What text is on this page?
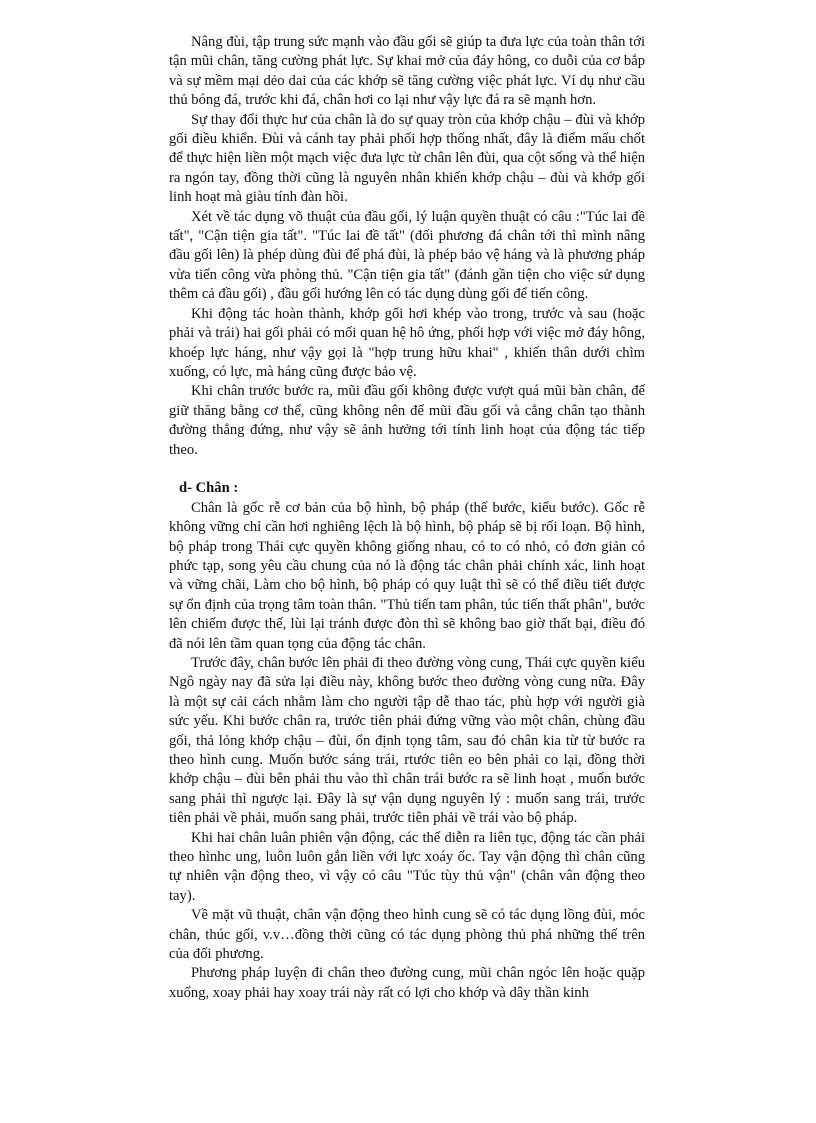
Nâng đùi, tập trung sức mạnh vào đầu gối sẽ giúp ta đưa lực của toàn thân tới tận mũi chân, tăng cường phát lực. Sự khai mở của đáy hông, co duỗi của cơ bắp và sự mềm mại dẻo dai của các khớp sẽ tăng cường việc phát lực. Ví dụ như cầu thủ bóng đá, trước khi đá, chân hơi co lại như vậy lực đá ra sẽ mạnh hơn.

Sự thay đổi thực hư của chân là do sự quay tròn của khớp chậu – đùi và khớp gối điều khiển. Đùi và cánh tay phải phối hợp thống nhất, đây là điểm mấu chốt để thực hiện liền một mạch việc đưa lực từ chân lên đùi, qua cột sống và thể hiện ra ngón tay, đồng thời cũng là nguyên nhân khiến khớp chậu – đùi và khớp gối linh hoạt mà giàu tính đàn hồi.

Xét về tác dụng võ thuật của đầu gối, lý luận quyền thuật có câu :"Túc lai đề tất", "Cận tiện gia tất". "Túc lai đề tất" (đối phương đá chân tới thì mình nâng đầu gối lên) là phép dùng đùi để phá đùi, là phép bảo vệ háng và là phương pháp vừa tiến công vừa phòng thủ. "Cận tiện gia tất" (đánh gần tiện cho việc sử dụng thêm cả đầu gối) , đầu gối hướng lên có tác dụng dùng gối để tiến công.

Khi động tác hoàn thành, khớp gối hơi khép vào trong, trước và sau (hoặc phải và trái) hai gối phải có mối quan hệ hô ứng, phối hợp với việc mở đáy hông, khoép lực háng, như vậy gọi là "hợp trung hữu khai" , khiến thân dưới chìm xuống, có lực, mà háng cũng được bảo vệ.

Khi chân trước bước ra, mũi đầu gối không được vượt quá mũi bàn chân, để giữ thăng bằng cơ thể, cũng không nên để mũi đầu gối và cẳng chân tạo thành đường thẳng đứng, như vậy sẽ ảnh hưởng tới tính linh hoạt của động tác tiếp theo.

d- Chân :

Chân là gốc rễ cơ bản của bộ hình, bộ pháp (thế bước, kiểu bước). Gốc rễ không vững chỉ cần hơi nghiêng lệch là bộ hình, bộ pháp sẽ bị rối loạn. Bộ hình, bộ pháp trong Thái cực quyền không giống nhau, có to có nhỏ, có đơn giản có phức tạp, song yêu cầu chung của nó là động tác chân phải chính xác, linh hoạt và vững chãi, Làm cho bộ hình, bộ pháp có quy luật thì sẽ có thể điều tiết được sự ổn định của trọng tâm toàn thân. "Thủ tiến tam phân, túc tiến thất phân", bước lên chiếm được thế, lùi lại tránh được đòn thì sẽ không bao giờ thất bại, điều đó đã nói lên tầm quan tọng của động tác chân.

Trước đây, chân bước lên phải đi theo đường vòng cung, Thái cực quyền kiểu Ngô ngày nay đã sửa lại điều này, không bước theo đường vòng cung nữa. Đây là một sự cải cách nhằm làm cho người tập dễ thao tác, phù hợp với người già sức yếu. Khi bước chân ra, trước tiên phải đứng vững vào một chân, chùng đầu gối, thả lỏng khớp chậu – đùi, ổn định tọng tâm, sau đó chân kia từ từ bước ra theo hình cung. Muốn bước sáng trái, rtước tiên eo bên phải co lại, đồng thời khớp chậu – đùi bên phải thu vào thì chân trái bước ra sẽ linh hoạt , muốn bước sang phải thì ngược lại. Đây là sự vận dụng nguyên lý : muốn sang trái, trước tiên phải về phải, muốn sang phải, trước tiên phải về trái vào bộ pháp.

Khi hai chân luân phiên vận động, các thế diễn ra liên tục, động tác cần phải theo hìnhc ung, luôn luôn gắn liền với lực xoáy ốc. Tay vận động thì chân cũng tự nhiên vận động theo, vì vậy có câu "Túc tùy thủ vận" (chân vân động theo tay).

Về mặt vũ thuật, chân vận động theo hình cung sẽ có tác dụng lồng đùi, móc chân, thúc gối, v.v…đồng thời cũng có tác dụng phòng thủ phá những thế trên của đối phương.

Phương pháp luyện đi chân theo đường cung, mũi chân ngóc lên hoặc quặp xuống, xoay phải hay xoay trái này rất có lợi cho khớp và dây thần kinh
